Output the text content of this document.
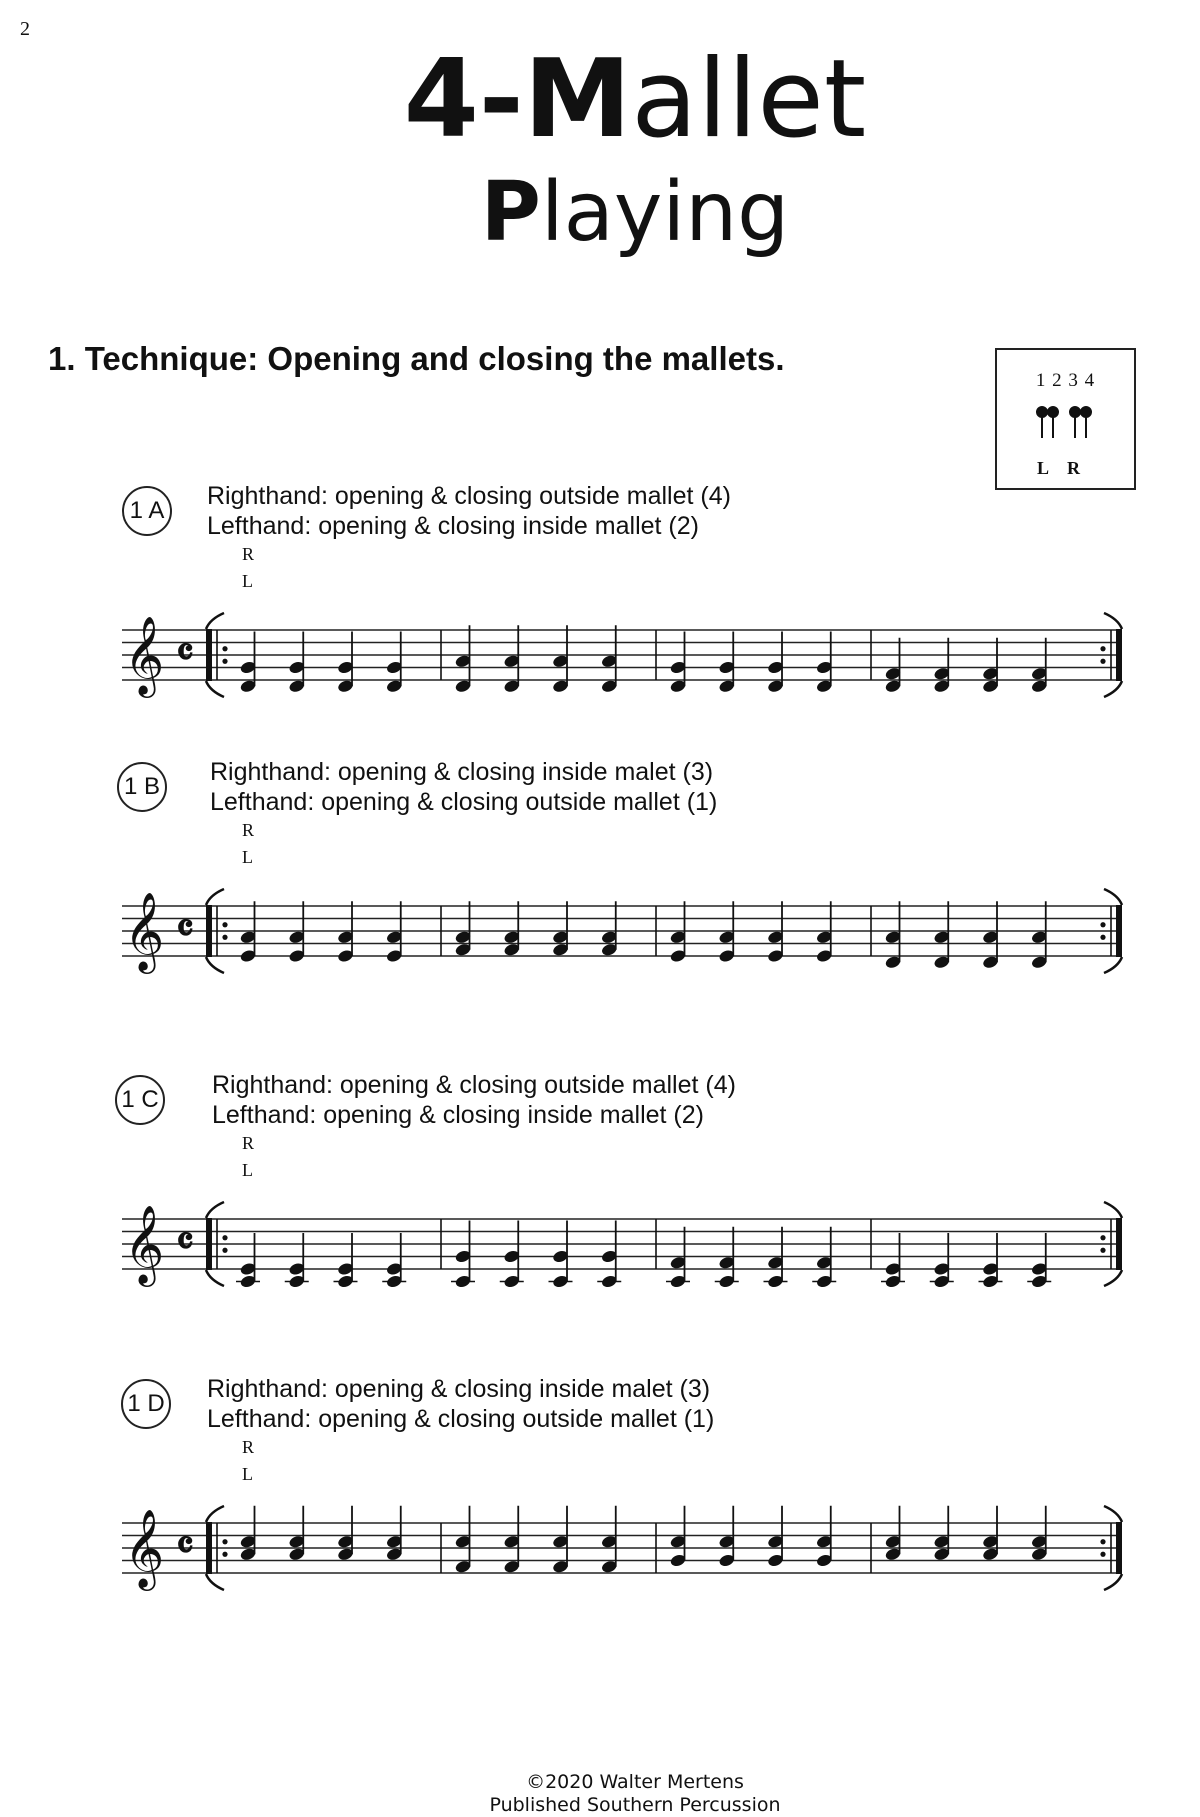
2
4-Mallet
Playing
1. Technique: Opening and closing the mallets.
1 2 3 4
L R
1 A
Righthand: opening & closing outside mallet (4)
Lefthand: opening & closing inside mallet (2)
𝄞 𝄴
R
L
1 B
Righthand: opening & closing inside malet (3)
Lefthand: opening & closing outside mallet (1)
𝄞 𝄴
R
L
1 C
Righthand: opening & closing outside mallet (4)
Lefthand: opening & closing inside mallet (2)
𝄞 𝄴
R
L
1 D
Righthand: opening & closing inside malet (3)
Lefthand: opening & closing outside mallet (1)
𝄞 𝄴
R
L
©2020 Walter Mertens
Published Southern Percussion
